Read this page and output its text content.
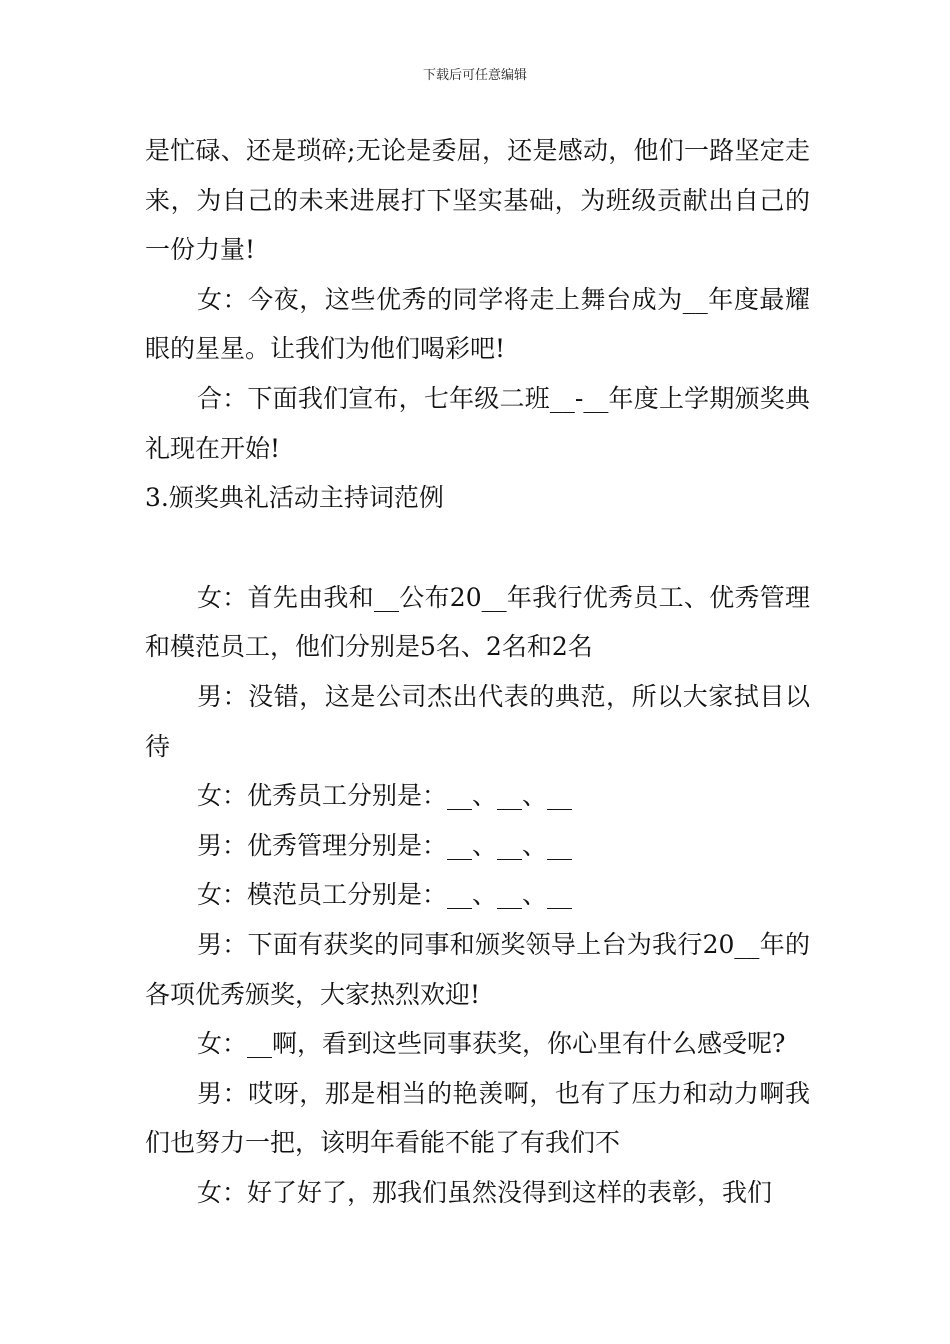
下载后可任意编辑

是忙碌、还是琐碎;无论是委屈，还是感动，他们一路坚定走来，为自己的未来进展打下坚实基础，为班级贡献出自己的一份力量!

女：今夜，这些优秀的同学将走上舞台成为__年度最耀眼的星星。让我们为他们喝彩吧!

合：下面我们宣布，七年级二班__-__年度上学期颁奖典礼现在开始!

3.颁奖典礼活动主持词范例

女：首先由我和__公布20__年我行优秀员工、优秀管理和模范员工，他们分别是5名、2名和2名

男：没错，这是公司杰出代表的典范，所以大家拭目以待

女：优秀员工分别是：__、__、__

男：优秀管理分别是：__、__、__

女：模范员工分别是：__、__、__

男：下面有获奖的同事和颁奖领导上台为我行20__年的各项优秀颁奖，大家热烈欢迎!

女：__啊，看到这些同事获奖，你心里有什么感受呢?

男：哎呀，那是相当的艳羡啊，也有了压力和动力啊我们也努力一把，该明年看能不能了有我们不

女：好了好了，那我们虽然没得到这样的表彰，我们
